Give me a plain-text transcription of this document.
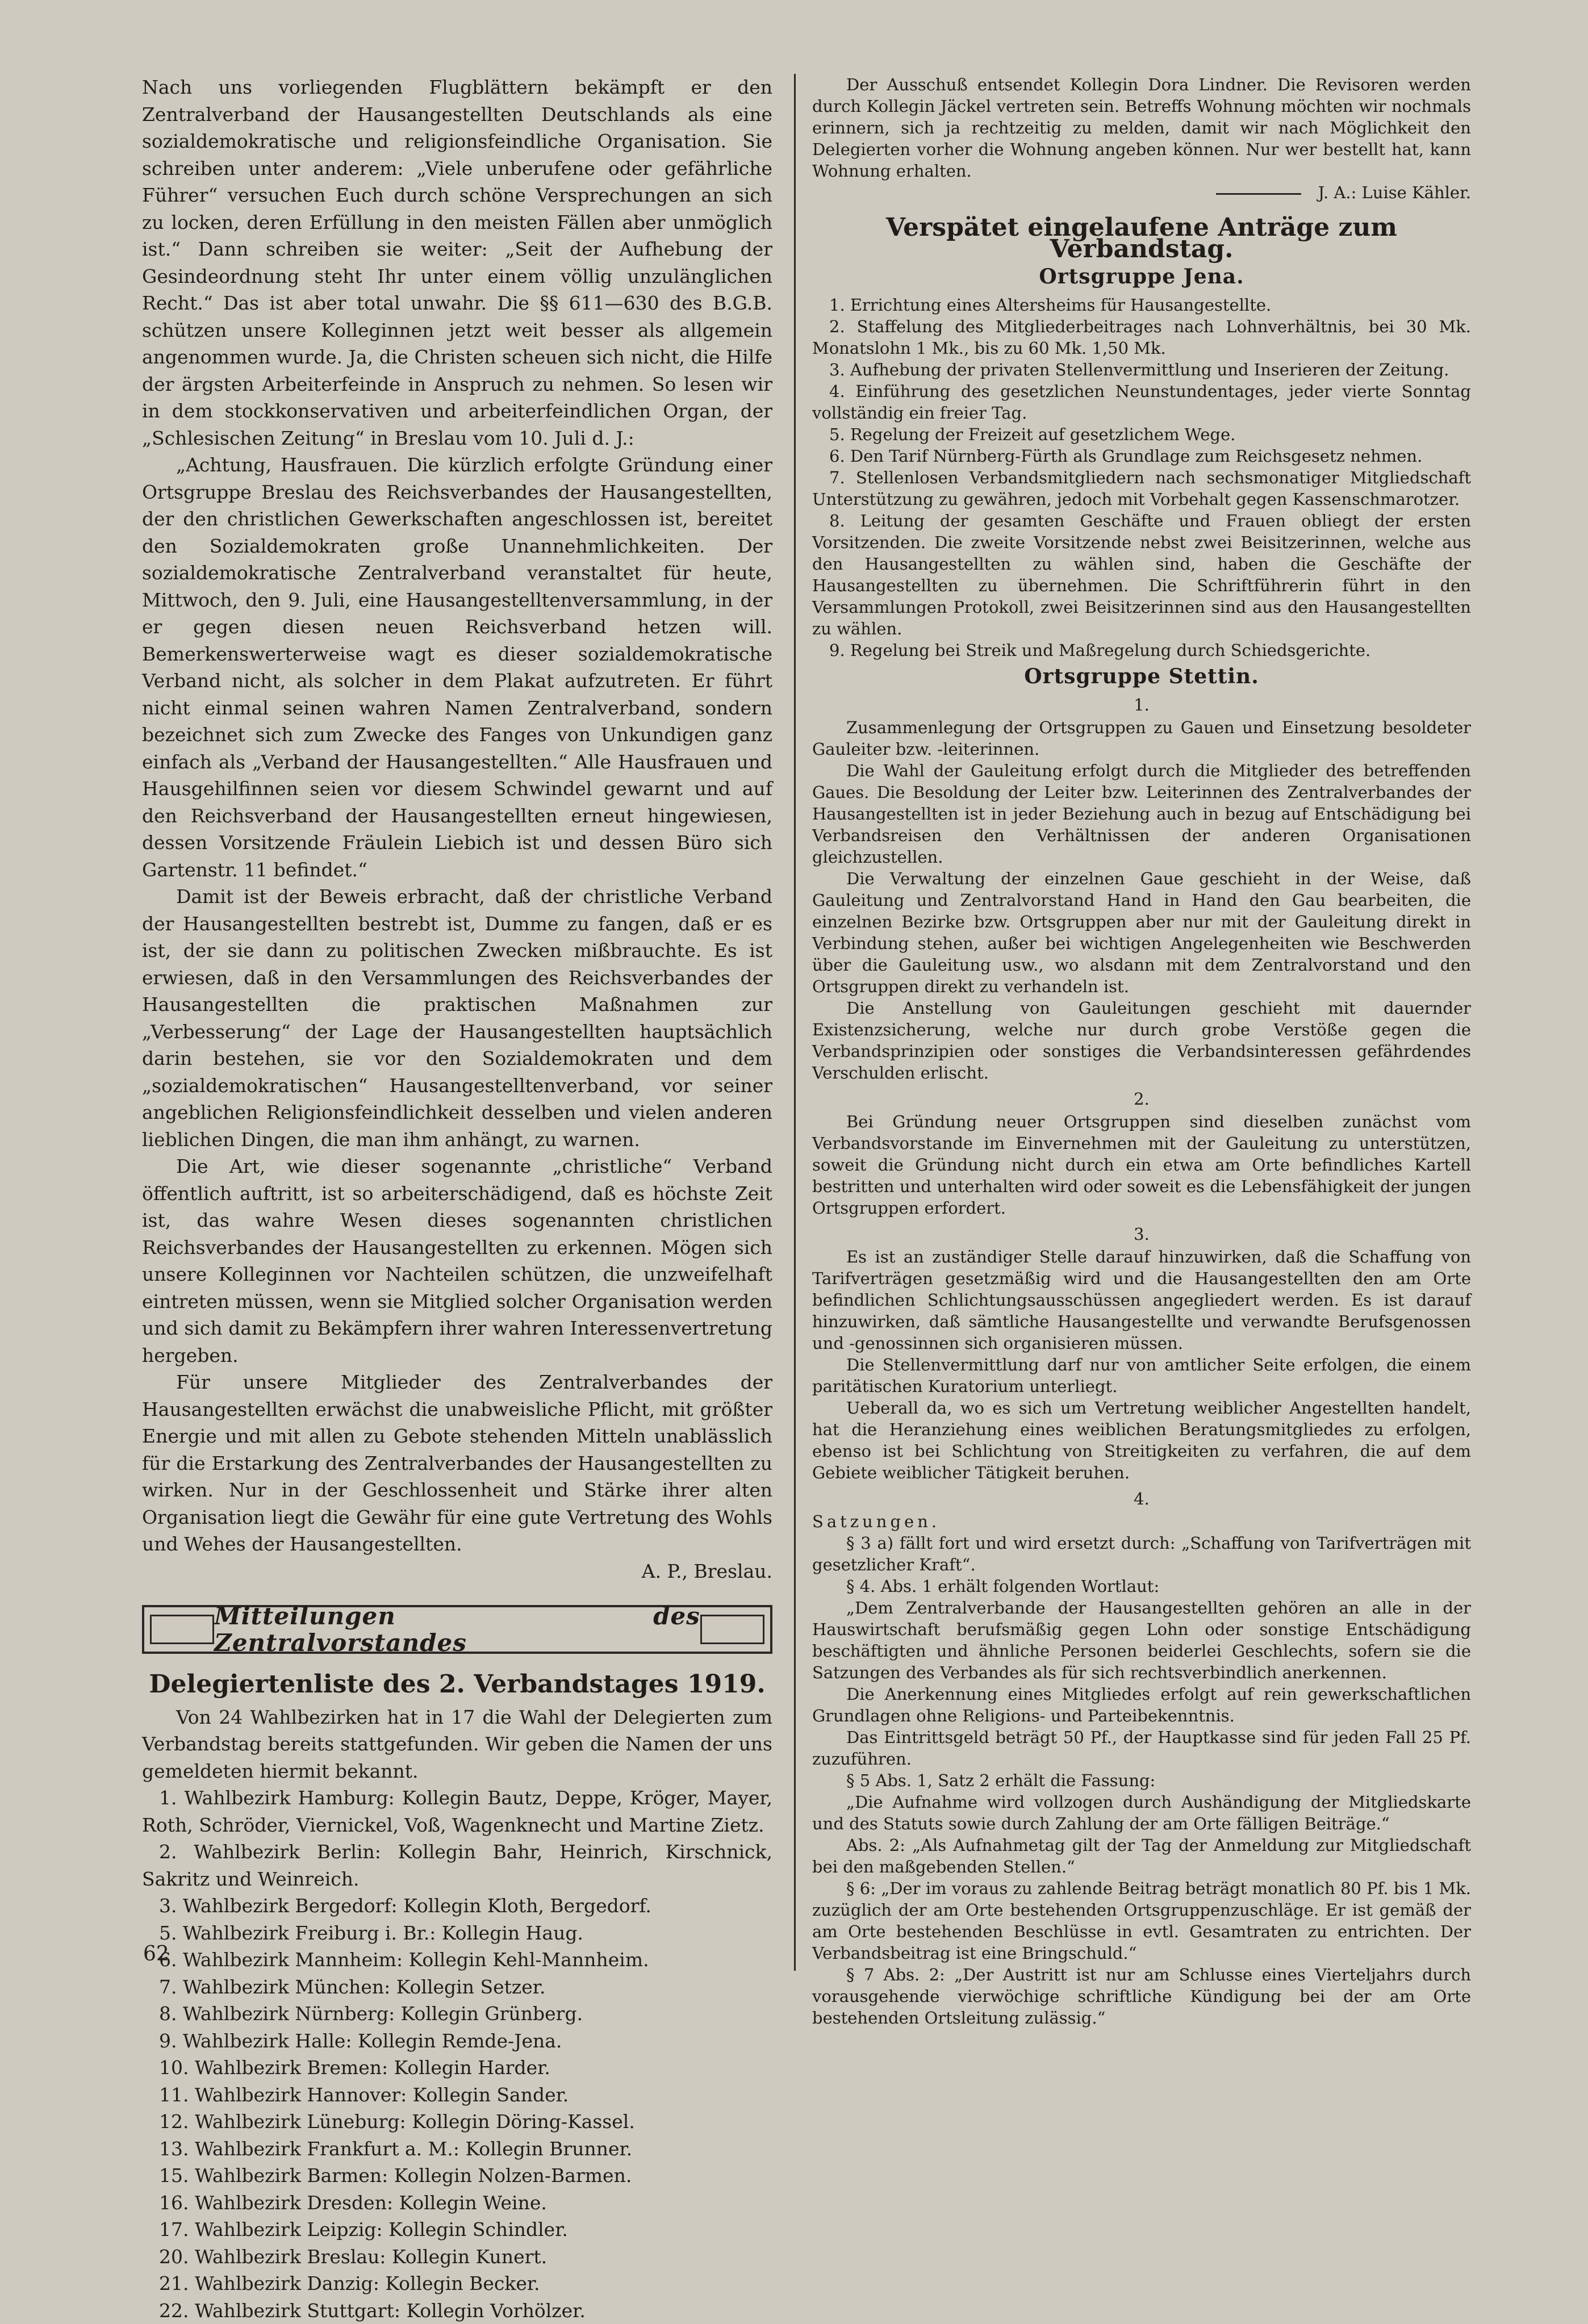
Nach uns vorliegenden Flugblättern bekämpft er den Zentralverband der Hausangestellten Deutschlands als eine sozialdemokratische und religionsfeindliche Organisation. Sie schreiben unter anderem: „Viele unberufene oder gefährliche Führer“ versuchen Euch durch schöne Versprechungen an sich zu locken, deren Erfüllung in den meisten Fällen aber unmöglich ist.“ Dann schreiben sie weiter: „Seit der Aufhebung der Gesindeordnung steht Ihr unter einem völlig unzulänglichen Recht.“ Das ist aber total unwahr. Die §§ 611—630 des B.G.B. schützen unsere Kolleginnen jetzt weit besser als allgemein angenommen wurde. Ja, die Christen scheuen sich nicht, die Hilfe der ärgsten Arbeiterfeinde in Anspruch zu nehmen. So lesen wir in dem stockkonservativen und arbeiterfeindlichen Organ, der „Schlesischen Zeitung“ in Breslau vom 10. Juli d. J.:

„Achtung, Hausfrauen. Die kürzlich erfolgte Gründung einer Ortsgruppe Breslau des Reichsverbandes der Hausangestellten, der den christlichen Gewerkschaften angeschlossen ist, bereitet den Sozialdemokraten große Unannehmlichkeiten. Der sozialdemokratische Zentralverband veranstaltet für heute, Mittwoch, den 9. Juli, eine Hausangestelltenversammlung, in der er gegen diesen neuen Reichsverband hetzen will. Bemerkenswerterweise wagt es dieser sozialdemokratische Verband nicht, als solcher in dem Plakat aufzutreten. Er führt nicht einmal seinen wahren Namen Zentralverband, sondern bezeichnet sich zum Zwecke des Fanges von Unkundigen ganz einfach als „Verband der Hausangestellten.“ Alle Hausfrauen und Hausgehilfinnen seien vor diesem Schwindel gewarnt und auf den Reichsverband der Hausangestellten erneut hingewiesen, dessen Vorsitzende Fräulein Liebich ist und dessen Büro sich Gartenstr. 11 befindet.“

Damit ist der Beweis erbracht, daß der christliche Verband der Hausangestellten bestrebt ist, Dumme zu fangen, daß er es ist, der sie dann zu politischen Zwecken mißbrauchte. Es ist erwiesen, daß in den Versammlungen des Reichsverbandes der Hausangestellten die praktischen Maßnahmen zur „Verbesserung“ der Lage der Hausangestellten hauptsächlich darin bestehen, sie vor den Sozialdemokraten und dem „sozialdemokratischen“ Hausangestelltenverband, vor seiner angeblichen Religionsfeindlichkeit desselben und vielen anderen lieblichen Dingen, die man ihm anhängt, zu warnen.

Die Art, wie dieser sogenannte „christliche“ Verband öffentlich auftritt, ist so arbeiterschädigend, daß es höchste Zeit ist, das wahre Wesen dieses sogenannten christlichen Reichsverbandes der Hausangestellten zu erkennen. Mögen sich unsere Kolleginnen vor Nachteilen schützen, die unzweifelhaft eintreten müssen, wenn sie Mitglied solcher Organisation werden und sich damit zu Bekämpfern ihrer wahren Interessenvertretung hergeben.

Für unsere Mitglieder des Zentralverbandes der Hausangestellten erwächst die unabweisliche Pflicht, mit größter Energie und mit allen zu Gebote stehenden Mitteln unablässlich für die Erstarkung des Zentralverbandes der Hausangestellten zu wirken. Nur in der Geschlossenheit und Stärke ihrer alten Organisation liegt die Gewähr für eine gute Vertretung des Wohls und Wehes der Hausangestellten.

A. P., Breslau.

Mitteilungen des Zentralvorstandes
Delegiertenliste des 2. Verbandstages 1919.

Von 24 Wahlbezirken hat in 17 die Wahl der Delegierten zum Verbandstag bereits stattgefunden. Wir geben die Namen der uns gemeldeten hiermit bekannt.

1. Wahlbezirk Hamburg: Kollegin Bautz, Deppe, Kröger, Mayer, Roth, Schröder, Viernickel, Voß, Wagenknecht und Martine Zietz.

2. Wahlbezirk Berlin: Kollegin Bahr, Heinrich, Kirschnick, Sakritz und Weinreich.

3. Wahlbezirk Bergedorf: Kollegin Kloth, Bergedorf.

5. Wahlbezirk Freiburg i. Br.: Kollegin Haug.

6. Wahlbezirk Mannheim: Kollegin Kehl-Mannheim.

7. Wahlbezirk München: Kollegin Setzer.

8. Wahlbezirk Nürnberg: Kollegin Grünberg.

9. Wahlbezirk Halle: Kollegin Remde-Jena.

10. Wahlbezirk Bremen: Kollegin Harder.

11. Wahlbezirk Hannover: Kollegin Sander.

12. Wahlbezirk Lüneburg: Kollegin Döring-Kassel.

13. Wahlbezirk Frankfurt a. M.: Kollegin Brunner.

15. Wahlbezirk Barmen: Kollegin Nolzen-Barmen.

16. Wahlbezirk Dresden: Kollegin Weine.

17. Wahlbezirk Leipzig: Kollegin Schindler.

20. Wahlbezirk Breslau: Kollegin Kunert.

21. Wahlbezirk Danzig: Kollegin Becker.

22. Wahlbezirk Stuttgart: Kollegin Vorhölzer.

Der Ausschuß entsendet Kollegin Dora Lindner. Die Revisoren werden durch Kollegin Jäckel vertreten sein. Betreffs Wohnung möchten wir nochmals erinnern, sich ja rechtzeitig zu melden, damit wir nach Möglichkeit den Delegierten vorher die Wohnung angeben können. Nur wer bestellt hat, kann Wohnung erhalten.

J. A.: Luise Kähler.

Verspätet eingelaufene Anträge zum Verbandstag.
Ortsgruppe Jena.

1. Errichtung eines Altersheims für Hausangestellte.

2. Staffelung des Mitgliederbeitrages nach Lohnverhältnis, bei 30 Mk. Monatslohn 1 Mk., bis zu 60 Mk. 1,50 Mk.

3. Aufhebung der privaten Stellenvermittlung und Inserieren der Zeitung.

4. Einführung des gesetzlichen Neunstundentages, jeder vierte Sonntag vollständig ein freier Tag.

5. Regelung der Freizeit auf gesetzlichem Wege.

6. Den Tarif Nürnberg-Fürth als Grundlage zum Reichsgesetz nehmen.

7. Stellenlosen Verbandsmitgliedern nach sechsmonatiger Mitgliedschaft Unterstützung zu gewähren, jedoch mit Vorbehalt gegen Kassenschmarotzer.

8. Leitung der gesamten Geschäfte und Frauen obliegt der ersten Vorsitzenden. Die zweite Vorsitzende nebst zwei Beisitzerinnen, welche aus den Hausangestellten zu wählen sind, haben die Geschäfte der Hausangestellten zu übernehmen. Die Schriftführerin führt in den Versammlungen Protokoll, zwei Beisitzerinnen sind aus den Hausangestellten zu wählen.

9. Regelung bei Streik und Maßregelung durch Schiedsgerichte.

Ortsgruppe Stettin.
1.

Zusammenlegung der Ortsgruppen zu Gauen und Einsetzung besoldeter Gauleiter bzw. -leiterinnen.

Die Wahl der Gauleitung erfolgt durch die Mitglieder des betreffenden Gaues. Die Besoldung der Leiter bzw. Leiterinnen des Zentralverbandes der Hausangestellten ist in jeder Beziehung auch in bezug auf Entschädigung bei Verbandsreisen den Verhältnissen der anderen Organisationen gleichzustellen.

Die Verwaltung der einzelnen Gaue geschieht in der Weise, daß Gauleitung und Zentralvorstand Hand in Hand den Gau bearbeiten, die einzelnen Bezirke bzw. Ortsgruppen aber nur mit der Gauleitung direkt in Verbindung stehen, außer bei wichtigen Angelegenheiten wie Beschwerden über die Gauleitung usw., wo alsdann mit dem Zentralvorstand und den Ortsgruppen direkt zu verhandeln ist.

Die Anstellung von Gauleitungen geschieht mit dauernder Existenzsicherung, welche nur durch grobe Verstöße gegen die Verbandsprinzipien oder sonstiges die Verbandsinteressen gefährdendes Verschulden erlischt.

2.

Bei Gründung neuer Ortsgruppen sind dieselben zunächst vom Verbandsvorstande im Einvernehmen mit der Gauleitung zu unterstützen, soweit die Gründung nicht durch ein etwa am Orte befindliches Kartell bestritten und unterhalten wird oder soweit es die Lebensfähigkeit der jungen Ortsgruppen erfordert.

3.

Es ist an zuständiger Stelle darauf hinzuwirken, daß die Schaffung von Tarifverträgen gesetzmäßig wird und die Hausangestellten den am Orte befindlichen Schlichtungsausschüssen angegliedert werden. Es ist darauf hinzuwirken, daß sämtliche Hausangestellte und verwandte Berufsgenossen und -genossinnen sich organisieren müssen.

Die Stellenvermittlung darf nur von amtlicher Seite erfolgen, die einem paritätischen Kuratorium unterliegt.

Ueberall da, wo es sich um Vertretung weiblicher Angestellten handelt, hat die Heranziehung eines weiblichen Beratungsmitgliedes zu erfolgen, ebenso ist bei Schlichtung von Streitigkeiten zu verfahren, die auf dem Gebiete weiblicher Tätigkeit beruhen.

4.

Satzungen.

§ 3 a) fällt fort und wird ersetzt durch: „Schaffung von Tarifverträgen mit gesetzlicher Kraft“.

§ 4. Abs. 1 erhält folgenden Wortlaut:

„Dem Zentralverbande der Hausangestellten gehören an alle in der Hauswirtschaft berufsmäßig gegen Lohn oder sonstige Entschädigung beschäftigten und ähnliche Personen beiderlei Geschlechts, sofern sie die Satzungen des Verbandes als für sich rechtsverbindlich anerkennen.

Die Anerkennung eines Mitgliedes erfolgt auf rein gewerkschaftlichen Grundlagen ohne Religions- und Parteibekenntnis.

Das Eintrittsgeld beträgt 50 Pf., der Hauptkasse sind für jeden Fall 25 Pf. zuzuführen.

§ 5 Abs. 1, Satz 2 erhält die Fassung:

„Die Aufnahme wird vollzogen durch Aushändigung der Mitgliedskarte und des Statuts sowie durch Zahlung der am Orte fälligen Beiträge.“

Abs. 2: „Als Aufnahmetag gilt der Tag der Anmeldung zur Mitgliedschaft bei den maßgebenden Stellen.“

§ 6: „Der im voraus zu zahlende Beitrag beträgt monatlich 80 Pf. bis 1 Mk. zuzüglich der am Orte bestehenden Ortsgruppenzuschläge. Er ist gemäß der am Orte bestehenden Beschlüsse in evtl. Gesamtraten zu entrichten. Der Verbandsbeitrag ist eine Bringschuld.“

§ 7 Abs. 2: „Der Austritt ist nur am Schlusse eines Vierteljahrs durch vorausgehende vierwöchige schriftliche Kündigung bei der am Orte bestehenden Ortsleitung zulässig.“

62
